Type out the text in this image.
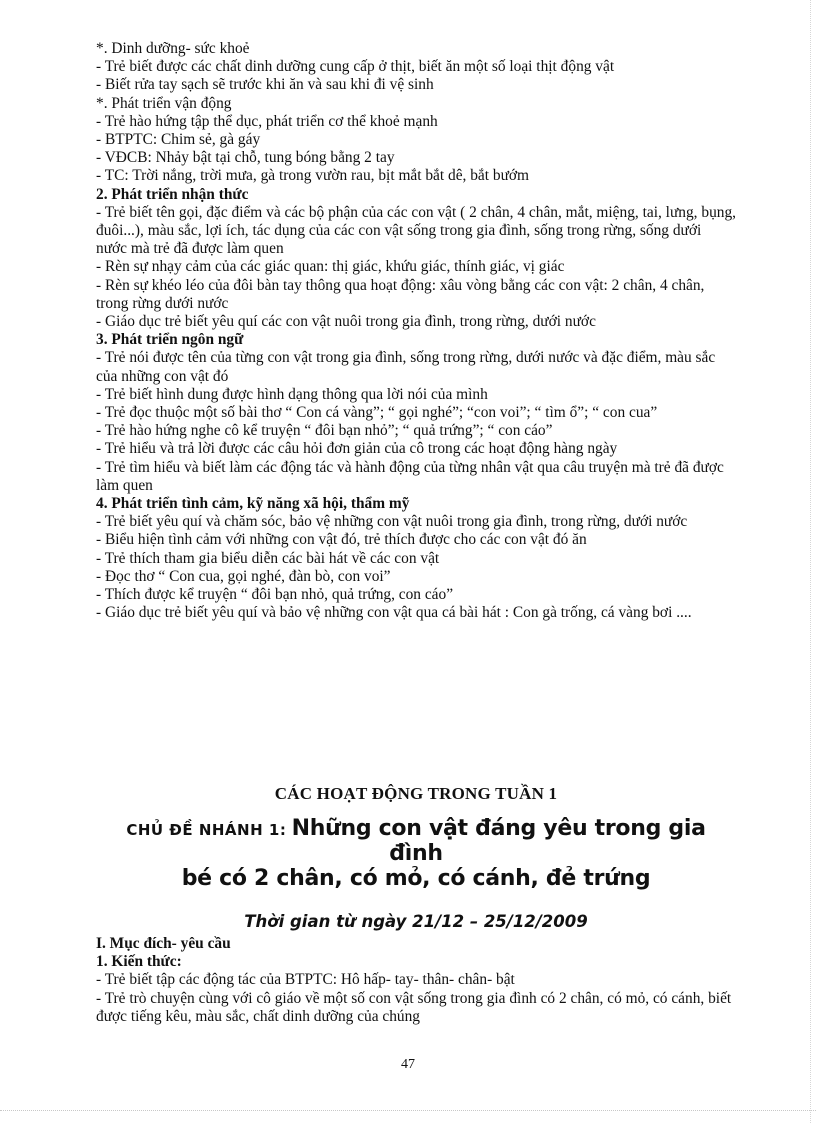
*. Dinh dưỡng- sức khoẻ
- Trẻ biết được các chất dinh dưỡng cung cấp ở thịt, biết ăn một số loại thịt động vật
- Biết rửa tay sạch sẽ trước khi ăn và sau khi đi vệ sinh
*. Phát triển vận động
- Trẻ hào hứng tập thể dục, phát triển cơ thể khoẻ mạnh
- BTPTC: Chim sẻ, gà gáy
- VĐCB: Nhảy bật tại chỗ, tung bóng bằng 2 tay
- TC: Trời nắng, trời mưa, gà trong vườn rau, bịt mắt bắt dê, bắt bướm
2. Phát triển nhận thức
- Trẻ biết tên gọi, đặc điểm và các bộ phận của các con vật ( 2 chân, 4 chân, mắt, miệng, tai, lưng, bụng, đuôi...), màu sắc, lợi ích, tác dụng của các con vật sống trong gia đình, sống trong rừng, sống dưới nước mà trẻ đã được làm quen
- Rèn sự nhạy cảm của các giác quan: thị giác, khứu giác, thính giác, vị giác
- Rèn sự khéo léo của đôi bàn tay thông qua hoạt động: xâu vòng bằng các con vật: 2 chân, 4 chân, trong rừng dưới nước
- Giáo dục trẻ biết yêu quí các con vật nuôi trong gia đình, trong rừng, dưới nước
3. Phát triển ngôn ngữ
- Trẻ nói được tên của từng con vật trong gia đình, sống trong rừng, dưới nước và đặc điểm, màu sắc của những con vật đó
- Trẻ biết hình dung được hình dạng thông qua lời nói của mình
- Trẻ đọc thuộc một số bài thơ “ Con cá vàng”; “ gọi nghé”; “con voi”; “ tìm ổ”; “ con cua”
- Trẻ hào hứng nghe cô kể truyện “ đôi bạn nhỏ”; “ quả trứng”; “ con cáo”
- Trẻ hiểu và trả lời được các câu hỏi đơn giản của cô trong các hoạt động hàng ngày
- Trẻ tìm hiểu và biết làm các động tác và hành động của từng nhân vật qua câu truyện mà trẻ đã được làm quen
4. Phát triển tình cảm, kỹ năng xã hội, thẩm mỹ
- Trẻ biết yêu quí và chăm sóc, bảo vệ những con vật nuôi trong gia đình, trong rừng, dưới nước
- Biểu hiện tình cảm với những con vật đó, trẻ thích được cho các con vật đó ăn
- Trẻ thích tham gia biểu diễn các bài hát về các con vật
- Đọc thơ “ Con cua, gọi nghé, đàn bò, con voi”
- Thích được kể truyện “ đôi bạn nhỏ, quả trứng, con cáo”
- Giáo dục trẻ biết yêu quí và bảo vệ những con vật qua cá bài hát : Con gà trống, cá vàng bơi ....
CÁC HOẠT ĐỘNG TRONG TUẦN 1
CHỦ ĐỀ NHÁNH 1: Những con vật đáng yêu trong gia đình
bé có 2 chân, có mỏ, có cánh, đẻ trứng
Thời gian từ ngày 21/12 – 25/12/2009
I. Mục đích- yêu cầu
1. Kiến thức:
- Trẻ biết tập các động tác của BTPTC: Hô hấp- tay- thân- chân- bật
- Trẻ trò chuyện cùng với cô giáo về một số con vật sống trong gia đình có 2 chân, có mỏ, có cánh, biết được tiếng kêu, màu sắc, chất dinh dưỡng của chúng
47
